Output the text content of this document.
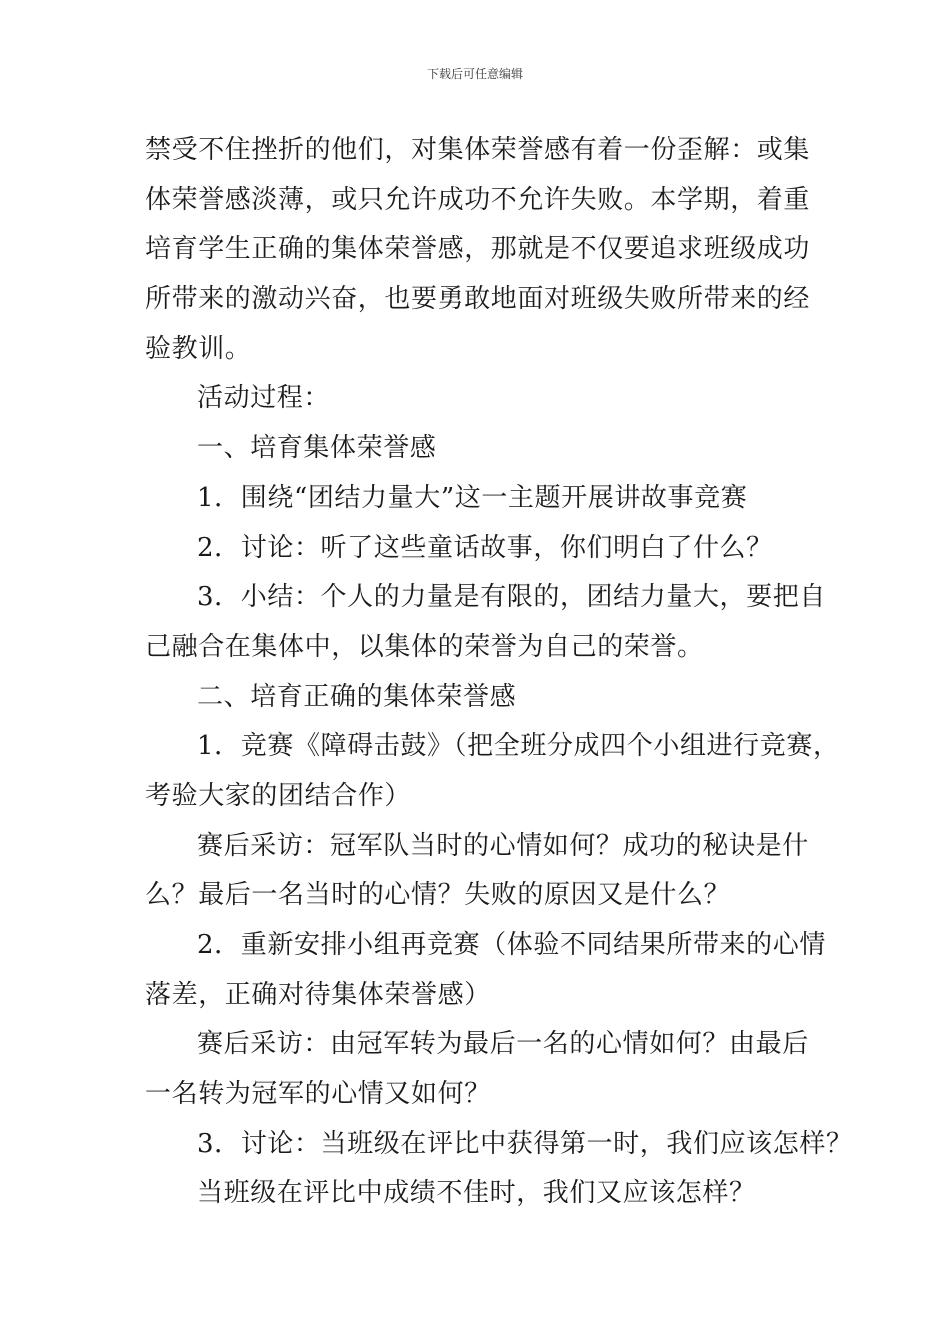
下载后可任意编辑
禁受不住挫折的他们，对集体荣誉感有着一份歪解：或集
体荣誉感淡薄，或只允许成功不允许失败。本学期，着重
培育学生正确的集体荣誉感，那就是不仅要追求班级成功
所带来的激动兴奋，也要勇敢地面对班级失败所带来的经
验教训。
活动过程：
一、培育集体荣誉感
1．围绕“团结力量大”这一主题开展讲故事竞赛
2．讨论：听了这些童话故事，你们明白了什么？
3．小结：个人的力量是有限的，团结力量大，要把自
己融合在集体中，以集体的荣誉为自己的荣誉。
二、培育正确的集体荣誉感
1．竞赛《障碍击鼓》（把全班分成四个小组进行竞赛，
考验大家的团结合作）
赛后采访：冠军队当时的心情如何？成功的秘诀是什
么？最后一名当时的心情？失败的原因又是什么？
2．重新安排小组再竞赛（体验不同结果所带来的心情
落差，正确对待集体荣誉感）
赛后采访：由冠军转为最后一名的心情如何？由最后
一名转为冠军的心情又如何？
3．讨论：当班级在评比中获得第一时，我们应该怎样？
当班级在评比中成绩不佳时，我们又应该怎样？
